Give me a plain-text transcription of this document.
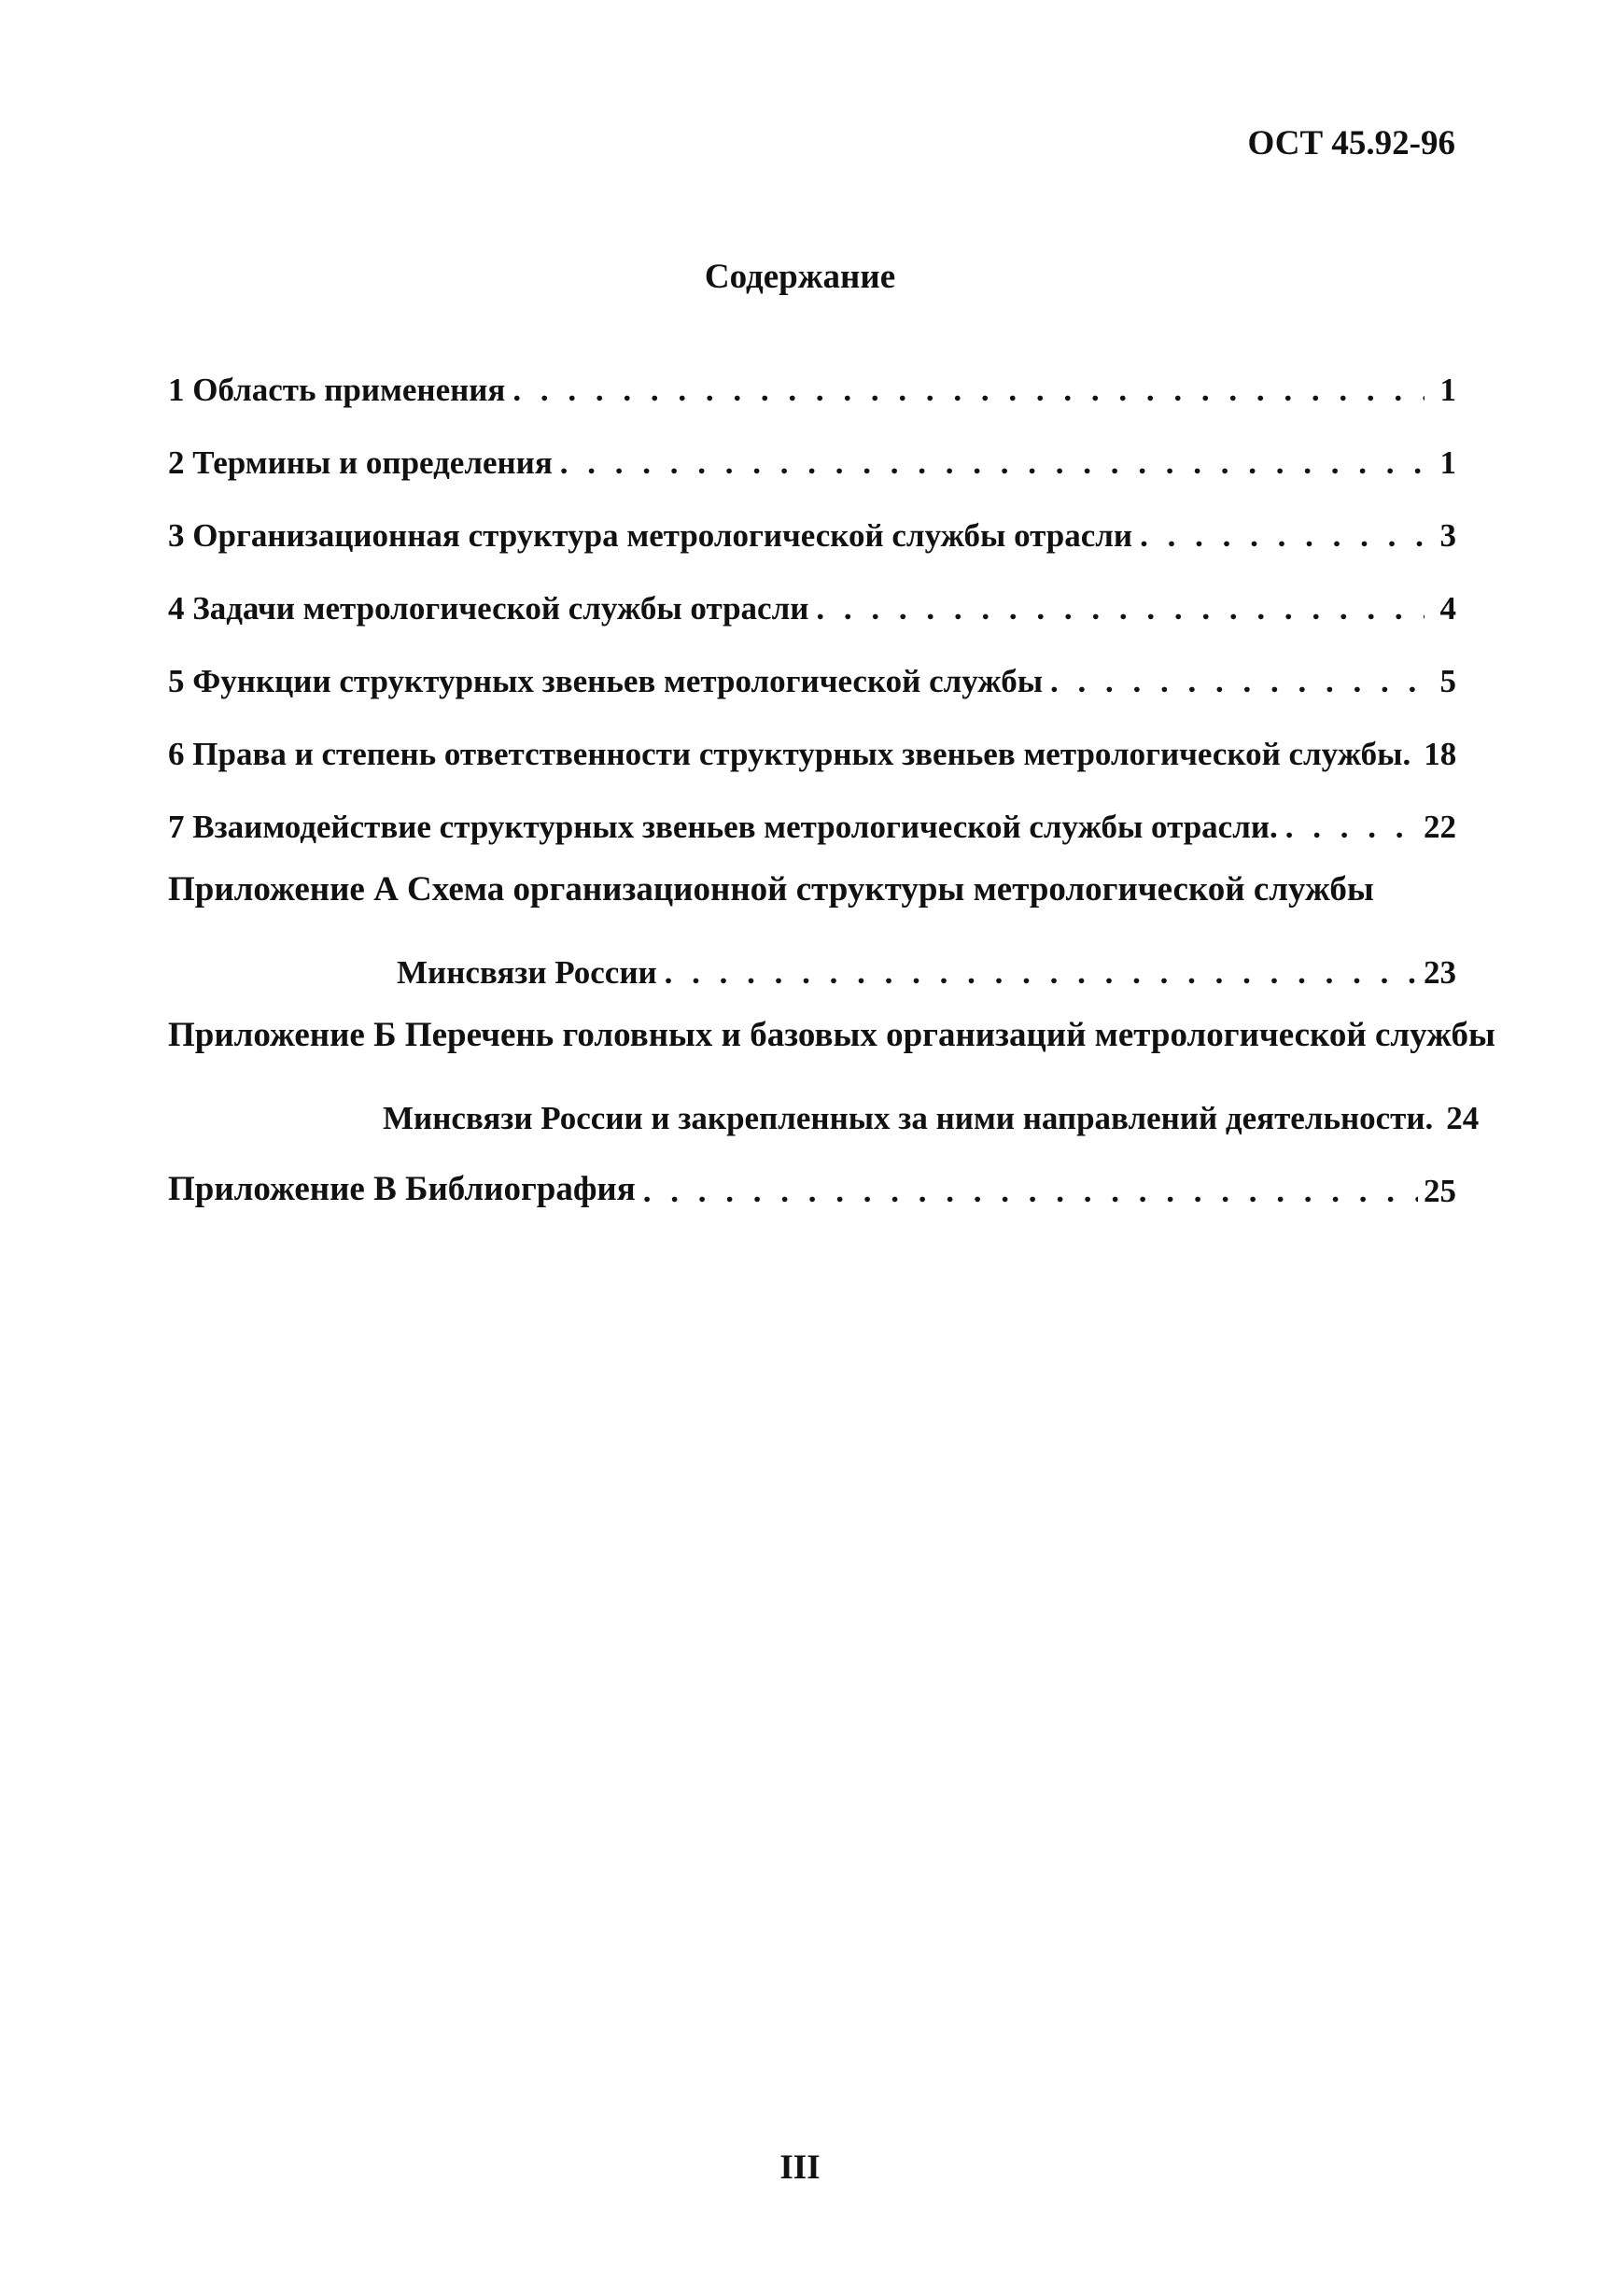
ОСТ 45.92-96
Содержание
1 Область применения . . .	1
2 Термины и определения . . .	1
3 Организационная структура метрологической службы отрасли . . .	3
4 Задачи метрологической службы отрасли . . .	4
5 Функции структурных звеньев метрологической службы . . .	5
6 Права и степень ответственности структурных звеньев метрологической службы. 18
7 Взаимодействие структурных звеньев метрологической службы отрасли. . . .	22
Приложение А Схема организационной структуры метрологической службы
Минсвязи России . . .	23
Приложение Б Перечень головных и базовых организаций метрологической службы
Минсвязи России и закрепленных за ними направлений деятельности. 24
Приложение В Библиография . . .	25
III
